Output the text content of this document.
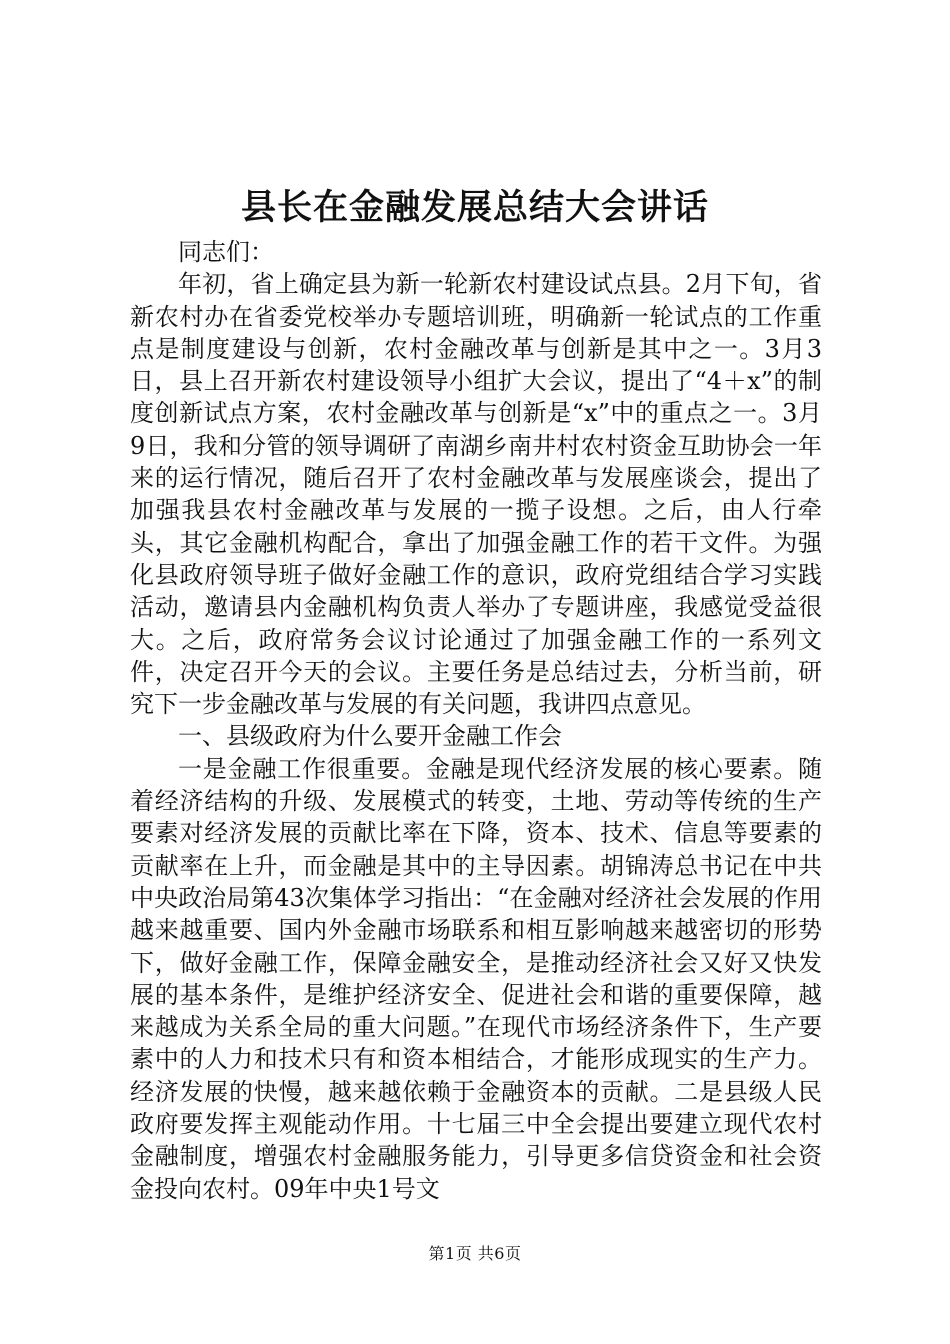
县长在金融发展总结大会讲话

同志们：

年初，省上确定县为新一轮新农村建设试点县。2月下旬，省新农村办在省委党校举办专题培训班，明确新一轮试点的工作重点是制度建设与创新，农村金融改革与创新是其中之一。3月3日，县上召开新农村建设领导小组扩大会议，提出了“4＋x”的制度创新试点方案，农村金融改革与创新是“x”中的重点之一。3月9日，我和分管的领导调研了南湖乡南井村农村资金互助协会一年来的运行情况，随后召开了农村金融改革与发展座谈会，提出了加强我县农村金融改革与发展的一揽子设想。之后，由人行牵头，其它金融机构配合，拿出了加强金融工作的若干文件。为强化县政府领导班子做好金融工作的意识，政府党组结合学习实践活动，邀请县内金融机构负责人举办了专题讲座，我感觉受益很大。之后，政府常务会议讨论通过了加强金融工作的一系列文件，决定召开今天的会议。主要任务是总结过去，分析当前，研究下一步金融改革与发展的有关问题，我讲四点意见。

一、县级政府为什么要开金融工作会

一是金融工作很重要。金融是现代经济发展的核心要素。随着经济结构的升级、发展模式的转变，土地、劳动等传统的生产要素对经济发展的贡献比率在下降，资本、技术、信息等要素的贡献率在上升，而金融是其中的主导因素。胡锦涛总书记在中共中央政治局第43次集体学习指出：“在金融对经济社会发展的作用越来越重要、国内外金融市场联系和相互影响越来越密切的形势下，做好金融工作，保障金融安全，是推动经济社会又好又快发展的基本条件，是维护经济安全、促进社会和谐的重要保障，越来越成为关系全局的重大问题。”在现代市场经济条件下，生产要素中的人力和技术只有和资本相结合，才能形成现实的生产力。经济发展的快慢，越来越依赖于金融资本的贡献。二是县级人民政府要发挥主观能动作用。十七届三中全会提出要建立现代农村金融制度，增强农村金融服务能力，引导更多信贷资金和社会资金投向农村。09年中央1号文

第1页 共6页
